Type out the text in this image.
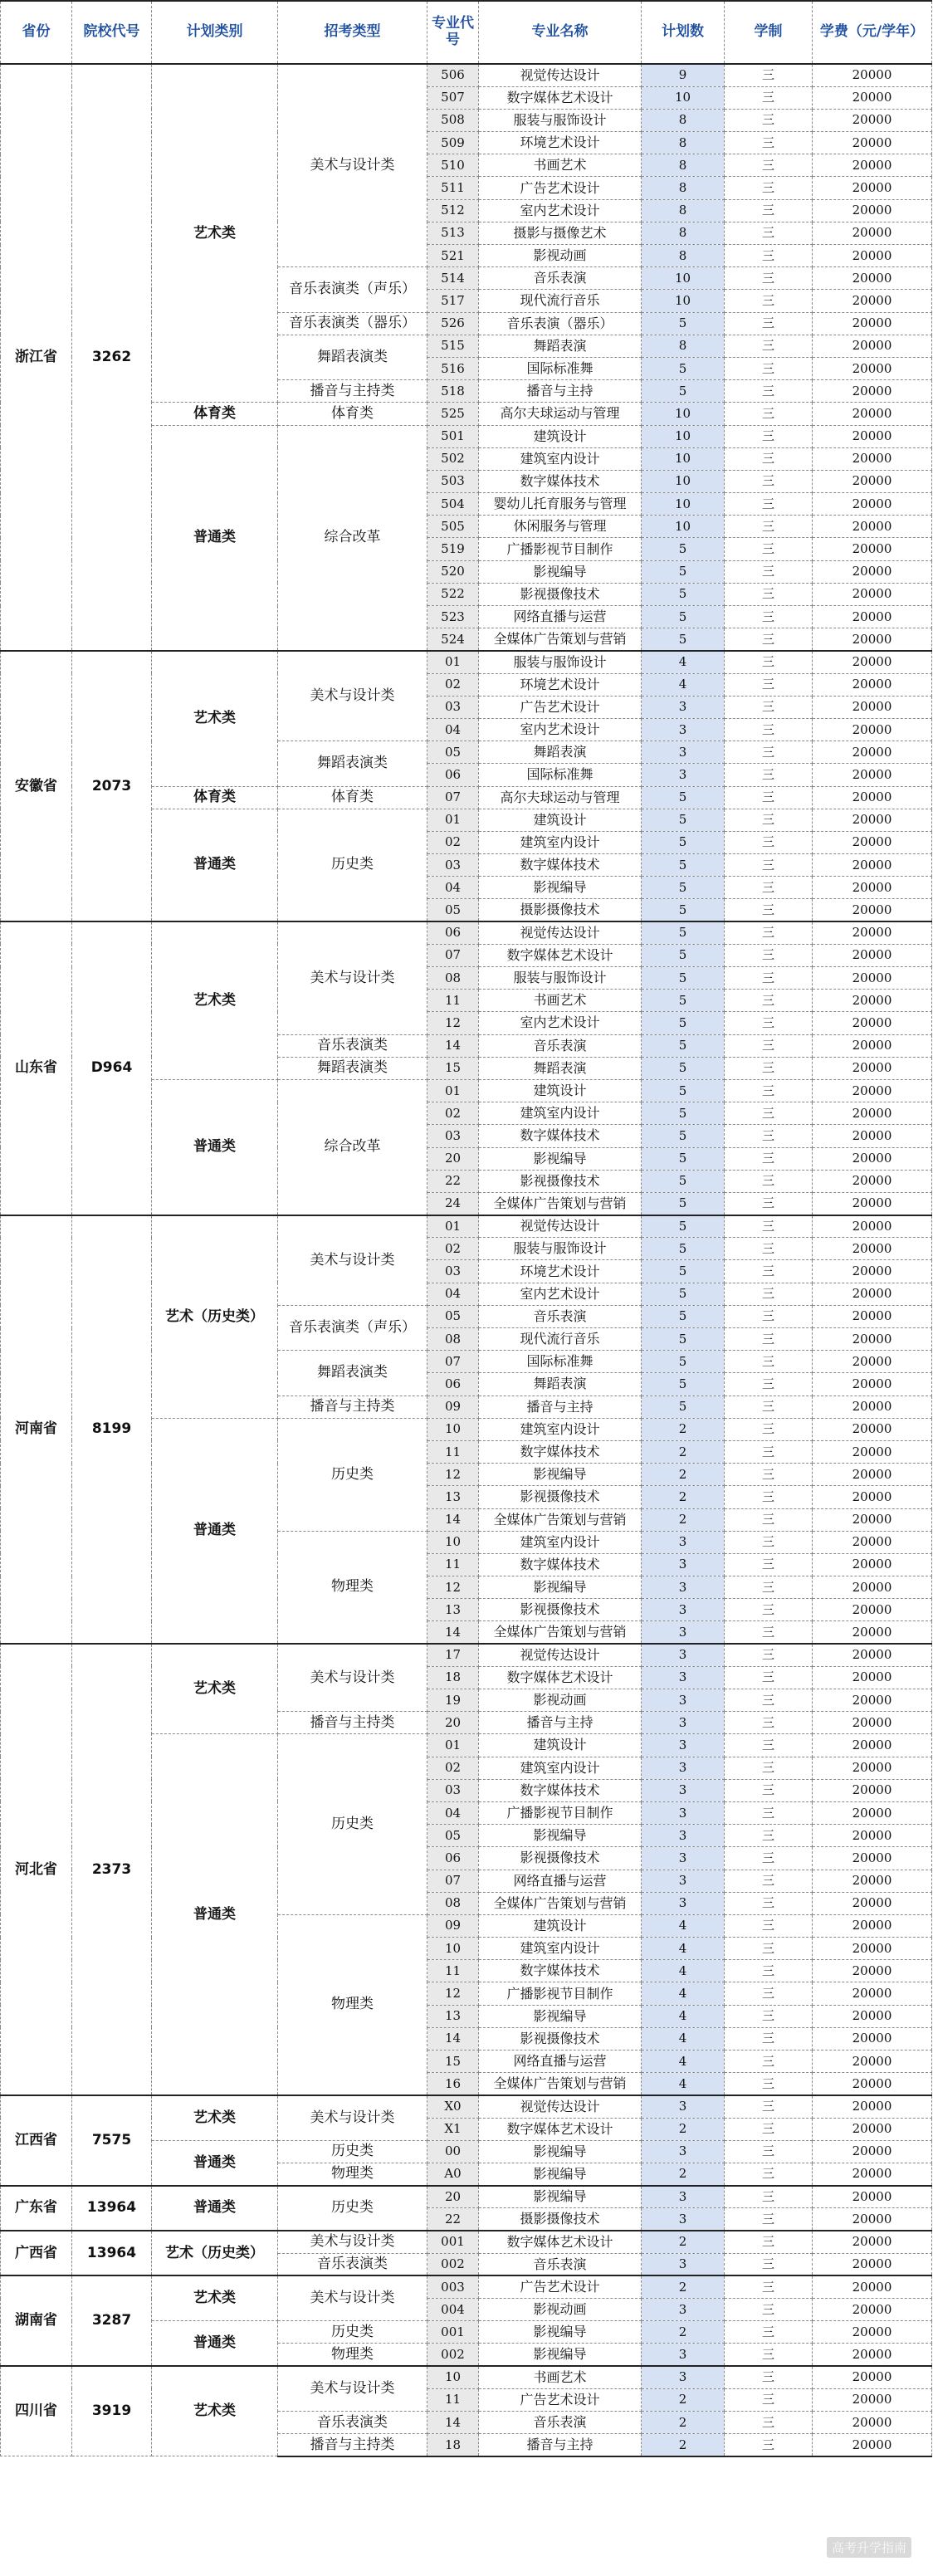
省份	院校代号	计划类别	招考类型	专业代号	专业名称	计划数	学制	学费（元/学年）
浙江省	3262	艺术类	美术与设计类	506	视觉传达设计	9	三	20000
				507	数字媒体艺术设计	10	三	20000
				508	服装与服饰设计	8	三	20000
				509	环境艺术设计	8	三	20000
				510	书画艺术	8	三	20000
				511	广告艺术设计	8	三	20000
				512	室内艺术设计	8	三	20000
				513	摄影与摄像艺术	8	三	20000
				521	影视动画	8	三	20000
			音乐表演类（声乐）	514	音乐表演	10	三	20000
				517	现代流行音乐	10	三	20000
			音乐表演类（器乐）	526	音乐表演（器乐）	5	三	20000
			舞蹈表演类	515	舞蹈表演	8	三	20000
				516	国际标准舞	5	三	20000
			播音与主持类	518	播音与主持	5	三	20000
		体育类	体育类	525	高尔夫球运动与管理	10	三	20000
		普通类	综合改革	501	建筑设计	10	三	20000
				502	建筑室内设计	10	三	20000
				503	数字媒体技术	10	三	20000
				504	婴幼儿托育服务与管理	10	三	20000
				505	休闲服务与管理	10	三	20000
				519	广播影视节目制作	5	三	20000
				520	影视编导	5	三	20000
				522	影视摄像技术	5	三	20000
				523	网络直播与运营	5	三	20000
				524	全媒体广告策划与营销	5	三	20000
安徽省	2073	艺术类	美术与设计类	01	服装与服饰设计	4	三	20000
				02	环境艺术设计	4	三	20000
				03	广告艺术设计	3	三	20000
				04	室内艺术设计	3	三	20000
			舞蹈表演类	05	舞蹈表演	3	三	20000
				06	国际标准舞	3	三	20000
		体育类	体育类	07	高尔夫球运动与管理	5	三	20000
		普通类	历史类	01	建筑设计	5	三	20000
				02	建筑室内设计	5	三	20000
				03	数字媒体技术	5	三	20000
				04	影视编导	5	三	20000
				05	摄影摄像技术	5	三	20000
山东省	D964	艺术类	美术与设计类	06	视觉传达设计	5	三	20000
				07	数字媒体艺术设计	5	三	20000
				08	服装与服饰设计	5	三	20000
				11	书画艺术	5	三	20000
				12	室内艺术设计	5	三	20000
			音乐表演类	14	音乐表演	5	三	20000
			舞蹈表演类	15	舞蹈表演	5	三	20000
		普通类	综合改革	01	建筑设计	5	三	20000
				02	建筑室内设计	5	三	20000
				03	数字媒体技术	5	三	20000
				20	影视编导	5	三	20000
				22	影视摄像技术	5	三	20000
				24	全媒体广告策划与营销	5	三	20000
河南省	8199	艺术（历史类）	美术与设计类	01	视觉传达设计	5	三	20000
				02	服装与服饰设计	5	三	20000
				03	环境艺术设计	5	三	20000
				04	室内艺术设计	5	三	20000
			音乐表演类（声乐）	05	音乐表演	5	三	20000
				08	现代流行音乐	5	三	20000
			舞蹈表演类	07	国际标准舞	5	三	20000
				06	舞蹈表演	5	三	20000
			播音与主持类	09	播音与主持	5	三	20000
		普通类	历史类	10	建筑室内设计	2	三	20000
				11	数字媒体技术	2	三	20000
				12	影视编导	2	三	20000
				13	影视摄像技术	2	三	20000
				14	全媒体广告策划与营销	2	三	20000
			物理类	10	建筑室内设计	3	三	20000
				11	数字媒体技术	3	三	20000
				12	影视编导	3	三	20000
				13	影视摄像技术	3	三	20000
				14	全媒体广告策划与营销	3	三	20000
河北省	2373	艺术类	美术与设计类	17	视觉传达设计	3	三	20000
				18	数字媒体艺术设计	3	三	20000
				19	影视动画	3	三	20000
			播音与主持类	20	播音与主持	3	三	20000
		普通类	历史类	01	建筑设计	3	三	20000
				02	建筑室内设计	3	三	20000
				03	数字媒体技术	3	三	20000
				04	广播影视节目制作	3	三	20000
				05	影视编导	3	三	20000
				06	影视摄像技术	3	三	20000
				07	网络直播与运营	3	三	20000
				08	全媒体广告策划与营销	3	三	20000
			物理类	09	建筑设计	4	三	20000
				10	建筑室内设计	4	三	20000
				11	数字媒体技术	4	三	20000
				12	广播影视节目制作	4	三	20000
				13	影视编导	4	三	20000
				14	影视摄像技术	4	三	20000
				15	网络直播与运营	4	三	20000
				16	全媒体广告策划与营销	4	三	20000
江西省	7575	艺术类	美术与设计类	X0	视觉传达设计	3	三	20000
				X1	数字媒体艺术设计	2	三	20000
		普通类	历史类	00	影视编导	3	三	20000
			物理类	A0	影视编导	2	三	20000
广东省	13964	普通类	历史类	20	影视编导	3	三	20000
				22	摄影摄像技术	3	三	20000
广西省	13964	艺术（历史类）	美术与设计类	001	数字媒体艺术设计	2	三	20000
			音乐表演类	002	音乐表演	3	三	20000
湖南省	3287	艺术类	美术与设计类	003	广告艺术设计	2	三	20000
				004	影视动画	3	三	20000
		普通类	历史类	001	影视编导	2	三	20000
			物理类	002	影视编导	3	三	20000
四川省	3919	艺术类	美术与设计类	10	书画艺术	3	三	20000
				11	广告艺术设计	2	三	20000
			音乐表演类	14	音乐表演	2	三	20000
			播音与主持类	18	播音与主持	2	三	20000
高考升学指南
